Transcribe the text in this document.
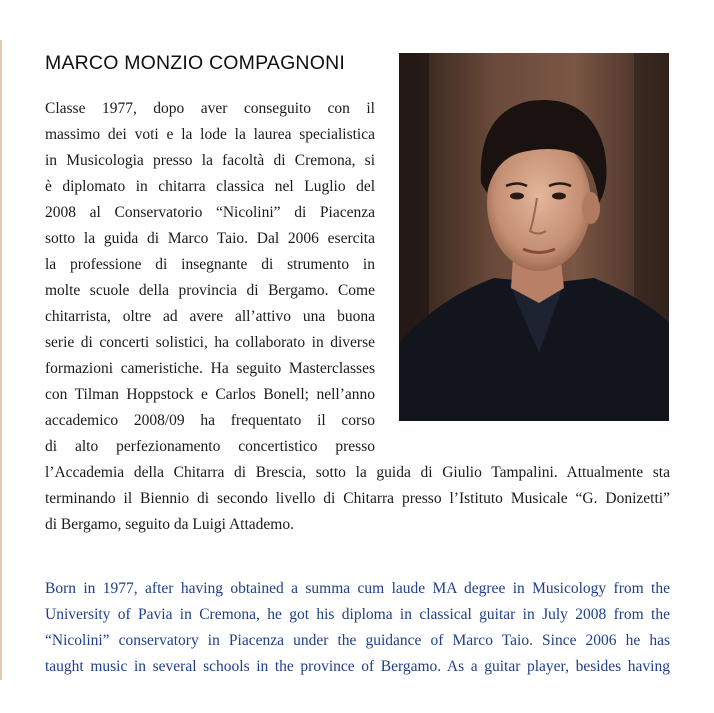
MARCO MONZIO COMPAGNONI
Classe 1977, dopo aver conseguito con il
massimo dei voti e la lode la laurea specialistica
in Musicologia presso la facoltà di Cremona, si
è diplomato in chitarra classica nel Luglio del
2008 al Conservatorio “Nicolini” di Piacenza
sotto la guida di Marco Taio. Dal 2006 esercita
la professione di insegnante di strumento in
molte scuole della provincia di Bergamo. Come
chitarrista, oltre ad avere all’attivo una buona
serie di concerti solistici, ha collaborato in diverse
formazioni cameristiche. Ha seguito Masterclasses
con Tilman Hoppstock e Carlos Bonell; nell’anno
accademico 2008/09 ha frequentato il corso
di alto perfezionamento concertistico presso
l’Accademia della Chitarra di Brescia, sotto la guida di Giulio Tampalini. Attualmente sta
terminando il Biennio di secondo livello di Chitarra presso l’Istituto Musicale “G. Donizetti”
di Bergamo, seguito da Luigi Attademo.
Born in 1977, after having obtained a summa cum laude MA degree in Musicology from the
University of Pavia in Cremona, he got his diploma in classical guitar in July 2008 from the
“Nicolini” conservatory in Piacenza under the guidance of Marco Taio. Since 2006 he has
taught music in several schools in the province of Bergamo. As a guitar player, besides having
